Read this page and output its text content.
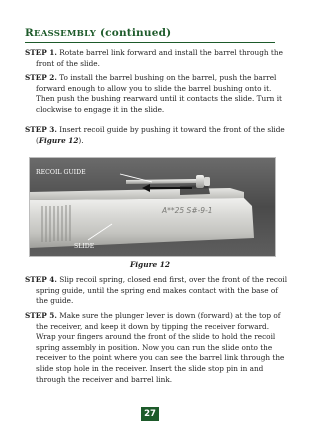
REASSEMBLY (continued)
STEP 1. Rotate barrel link forward and install the barrel through the front of the slide.
STEP 2. To install the barrel bushing on the barrel, push the barrel forward enough to allow you to slide the barrel bushing onto it. Then push the bushing rearward until it contacts the slide. Turn it clockwise to engage it in the slide.
STEP 3. Insert recoil guide by pushing it toward the front of the slide (Figure 12).
A**25 S#-9-1
RECOIL GUIDE
SLIDE
Figure 12
STEP 4. Slip recoil spring, closed end first, over the front of the recoil spring guide, until the spring end makes contact with the base of the guide.
STEP 5. Make sure the plunger lever is down (forward) at the top of the receiver, and keep it down by tipping the receiver forward. Wrap your fingers around the front of the slide to hold the recoil spring assembly in position. Now you can run the slide onto the receiver to the point where you can see the barrel link through the slide stop hole in the receiver. Insert the slide stop pin in and through the receiver and barrel link.
27
